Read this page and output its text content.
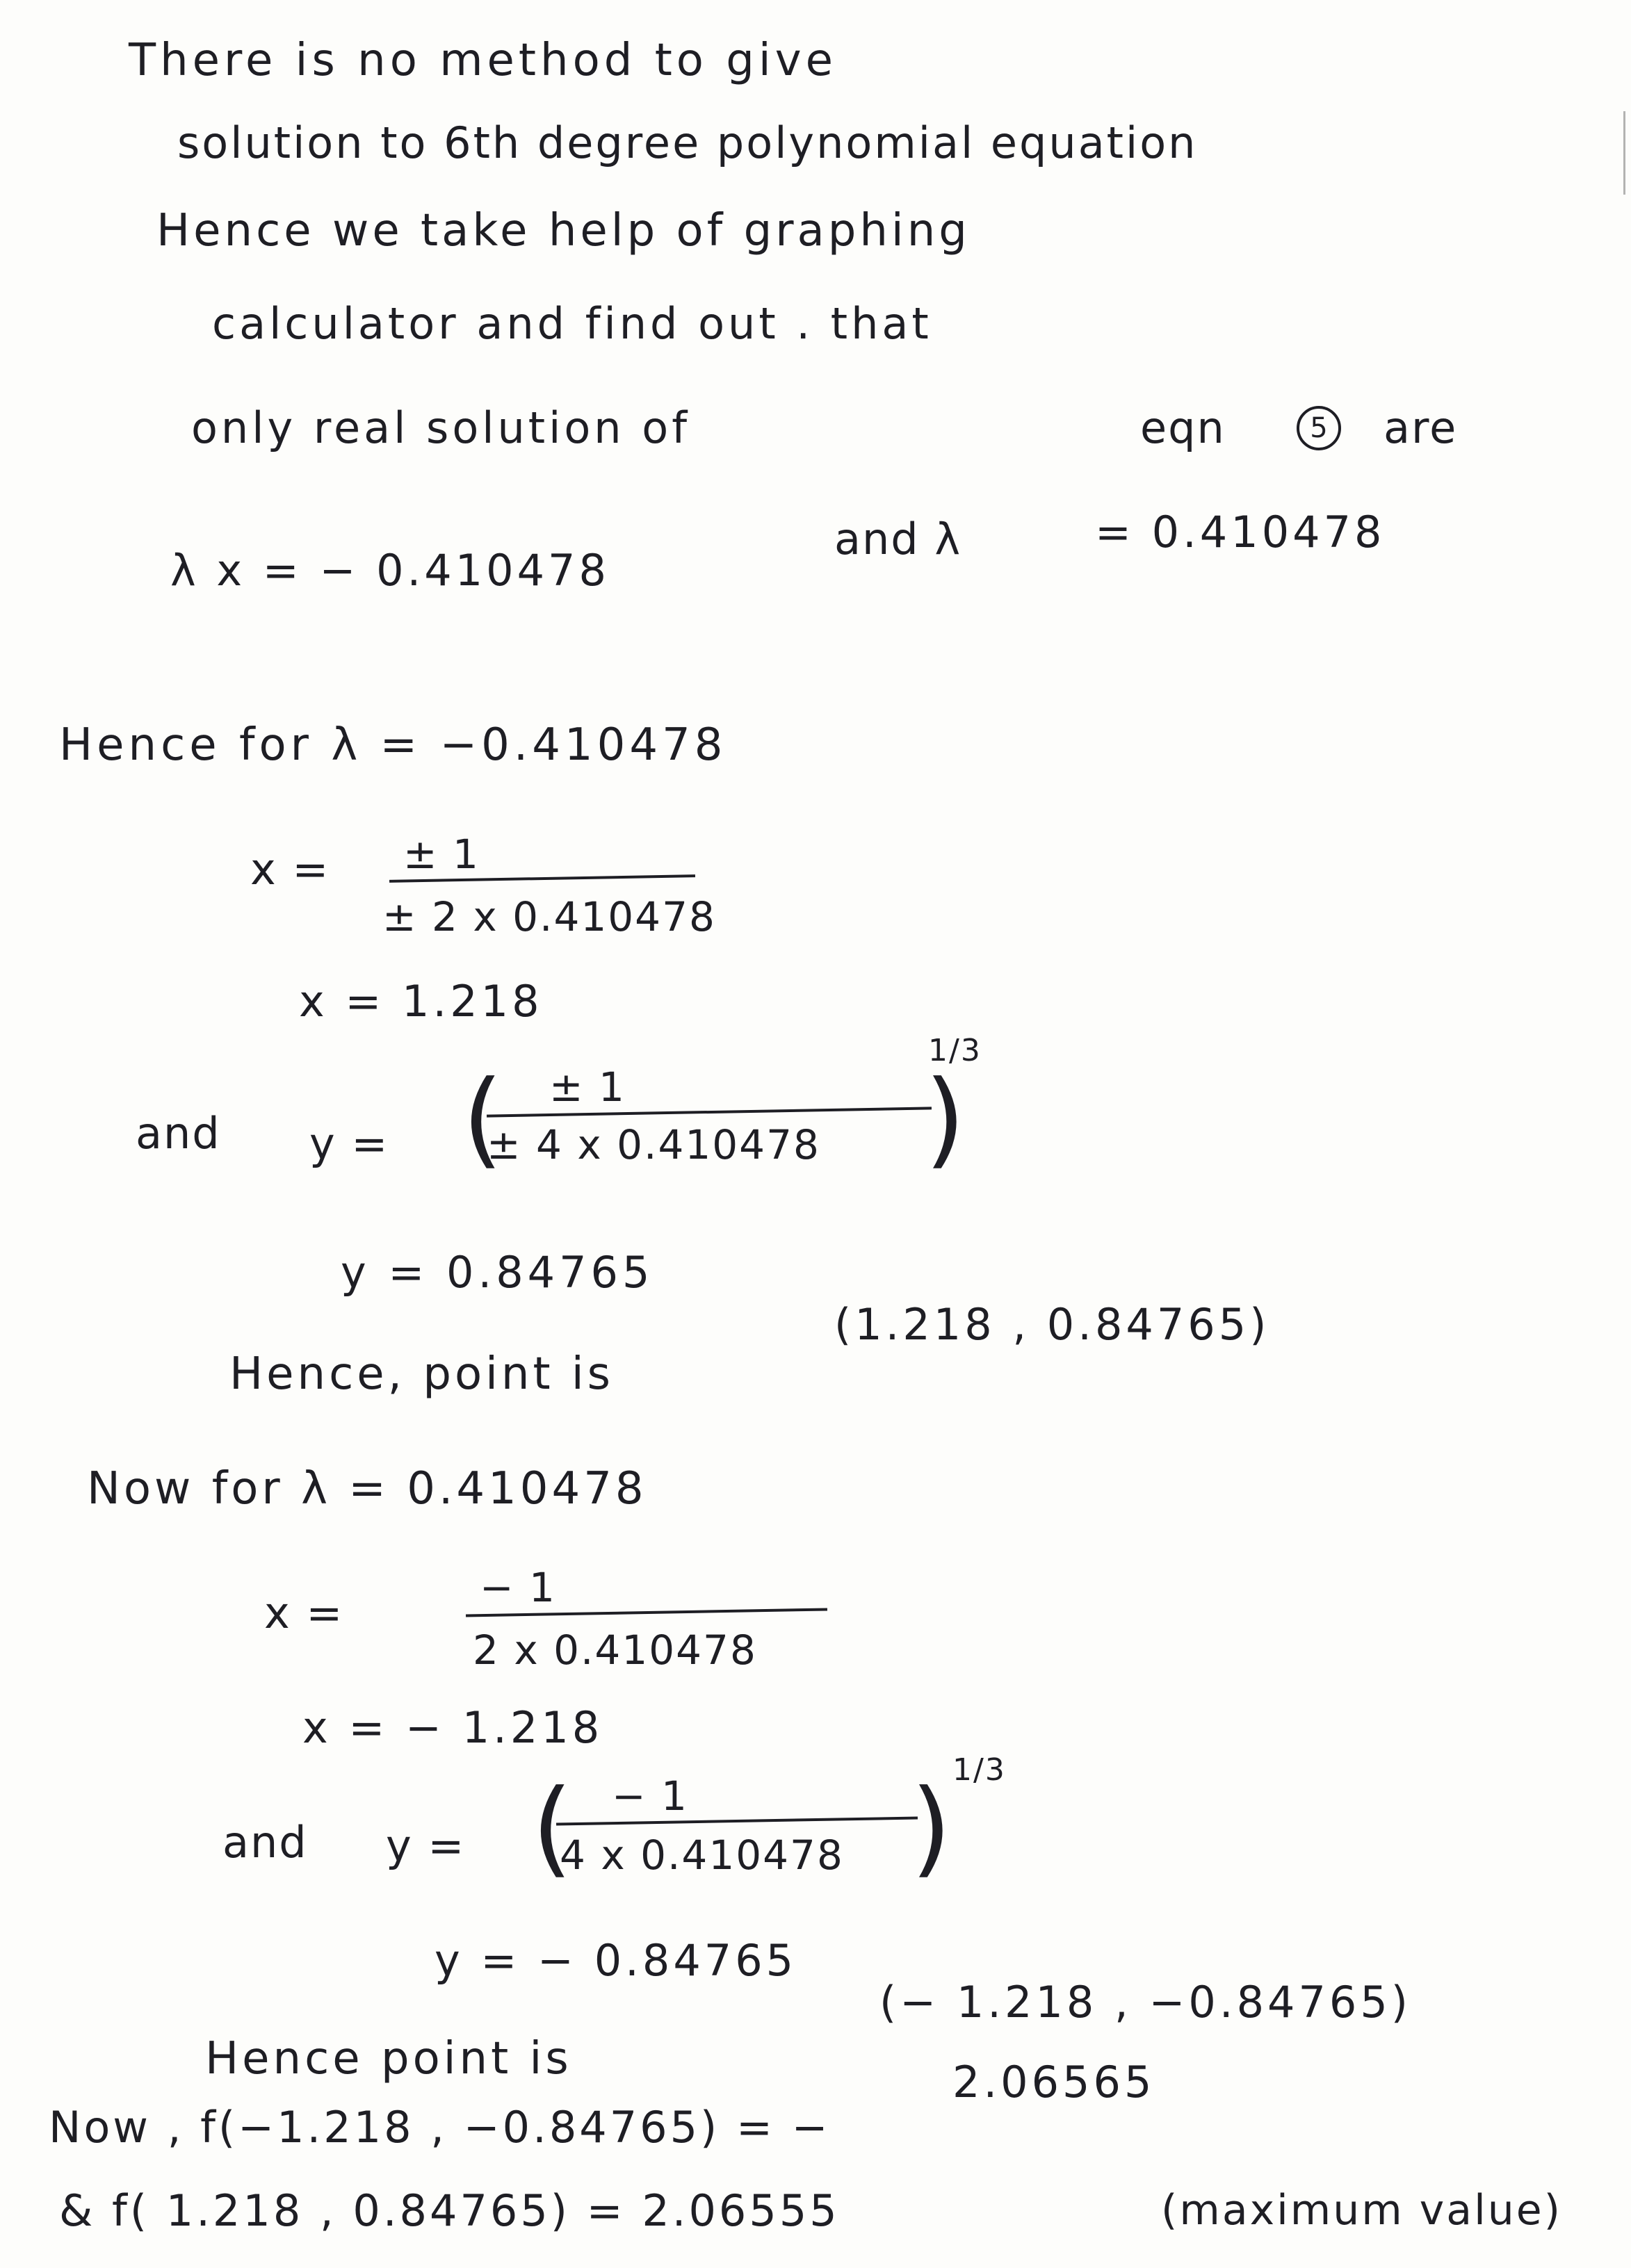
There is no method to give
solution to 6th degree polynomial equation
Hence we take help of graphing
calculator and find out . that
only real solution of	eqn	5	are
λ x = − 0.410478
and λ	= 0.410478
Hence for λ = −0.410478
x = ± 1
± 2 x 0.410478
x = 1.218
and y = ( ± 1
± 4 x 0.410478 )
1/3
y = 0.84765
Hence, point is
(1.218 , 0.84765)
Now for λ = 0.410478
x =	− 1
2 x 0.410478
x = − 1.218
and y = ( − 1
4 x 0.410478 ) 1/3
y = − 0.84765
Hence point is
(− 1.218 , −0.84765)
Now , f(−1.218 , −0.84765) = −
2.06565
& f( 1.218 , 0.84765) = 2.06555	(maximum value)
